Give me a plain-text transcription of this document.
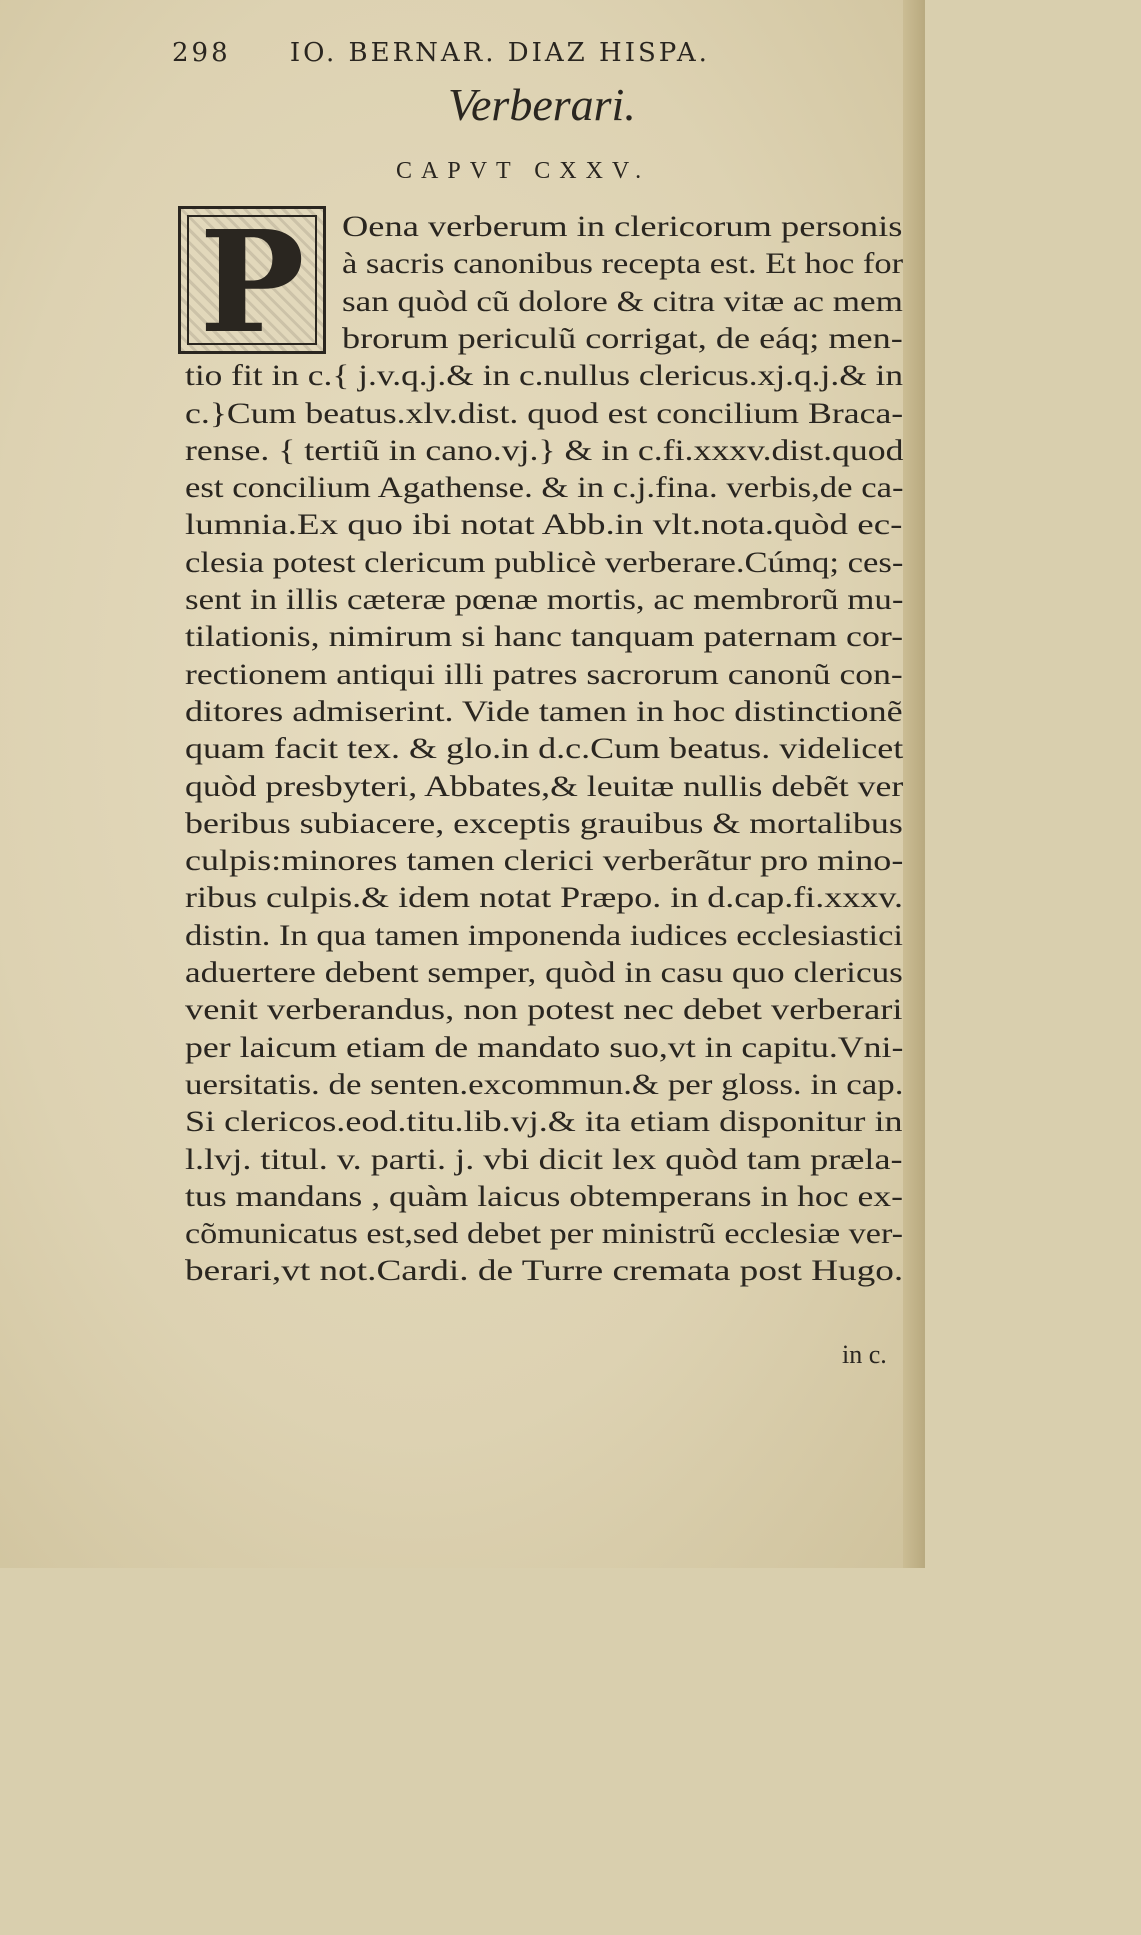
298 IO. BERNAR. DIAZ HISPA.
Verberari.
CAPVT CXXV.
P	Oena verberum in clericorum personis
à sacris canonibus recepta est. Et hoc for
san quòd cũ dolore & citra vitæ ac mem
brorum periculũ corrigat, de eáq; men-
tio fit in c.{ j.v.q.j.& in c.nullus clericus.xj.q.j.& in
c.}Cum beatus.xlv.dist. quod est concilium Braca-
rense. { tertiũ in cano.vj.} & in c.fi.xxxv.dist.quod
est concilium Agathense. & in c.j.fina. verbis,de ca-
lumnia.Ex quo ibi notat Abb.in vlt.nota.quòd ec-
clesia potest clericum publicè verberare.Cúmq; ces-
sent in illis cæteræ pœnæ mortis, ac membrorũ mu-
tilationis, nimirum si hanc tanquam paternam cor-
rectionem antiqui illi patres sacrorum canonũ con-
ditores admiserint. Vide tamen in hoc distinctionẽ
quam facit tex. & glo.in d.c.Cum beatus. videlicet
quòd presbyteri, Abbates,& leuitæ nullis debẽt ver
beribus subiacere, exceptis grauibus & mortalibus
culpis:minores tamen clerici verberãtur pro mino-
ribus culpis.& idem notat Præpo. in d.cap.fi.xxxv.
distin. In qua tamen imponenda iudices ecclesiastici
aduertere debent semper, quòd in casu quo clericus
venit verberandus, non potest nec debet verberari
per laicum etiam de mandato suo,vt in capitu.Vni-
uersitatis. de senten.excommun.& per gloss. in cap.
Si clericos.eod.titu.lib.vj.& ita etiam disponitur in
l.lvj. titul. v. parti. j. vbi dicit lex quòd tam præla-
tus mandans , quàm laicus obtemperans in hoc ex-
cõmunicatus est,sed debet per ministrũ ecclesiæ ver-
berari,vt not.Cardi. de Turre cremata post Hugo.
in c.
